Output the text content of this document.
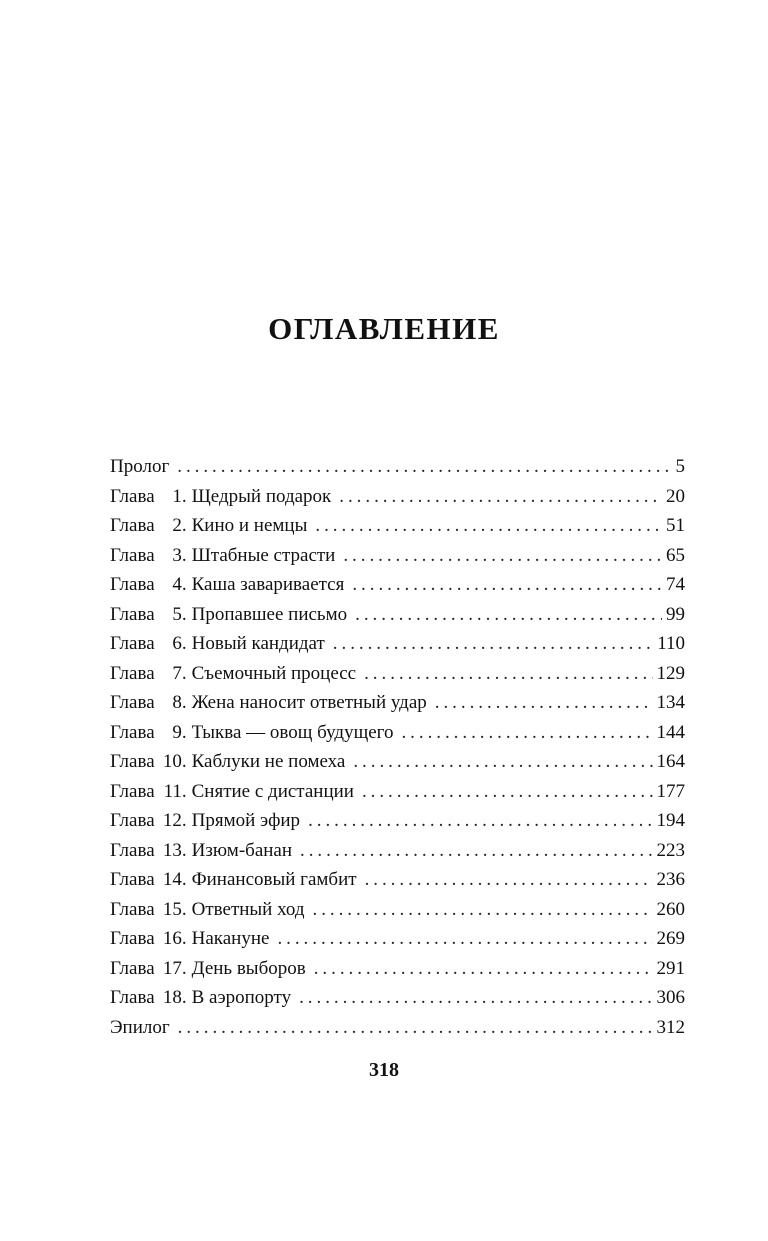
ОГЛАВЛЕНИЕ
Пролог . . .	5
Глава 1. Щедрый подарок . . .	20
Глава 2. Кино и немцы . . .	51
Глава 3. Штабные страсти . . .	65
Глава 4. Каша заваривается . . .	74
Глава 5. Пропавшее письмо . . .	99
Глава 6. Новый кандидат . . .	110
Глава 7. Съемочный процесс . . .	129
Глава 8. Жена наносит ответный удар . . .	134
Глава 9. Тыква — овощ будущего . . .	144
Глава 10. Каблуки не помеха . . .	164
Глава 11. Снятие с дистанции . . .	177
Глава 12. Прямой эфир . . .	194
Глава 13. Изюм-банан . . .	223
Глава 14. Финансовый гамбит . . .	236
Глава 15. Ответный ход . . .	260
Глава 16. Накануне . . .	269
Глава 17. День выборов . . .	291
Глава 18. В аэропорту . . .	306
Эпилог . . .	312
318
